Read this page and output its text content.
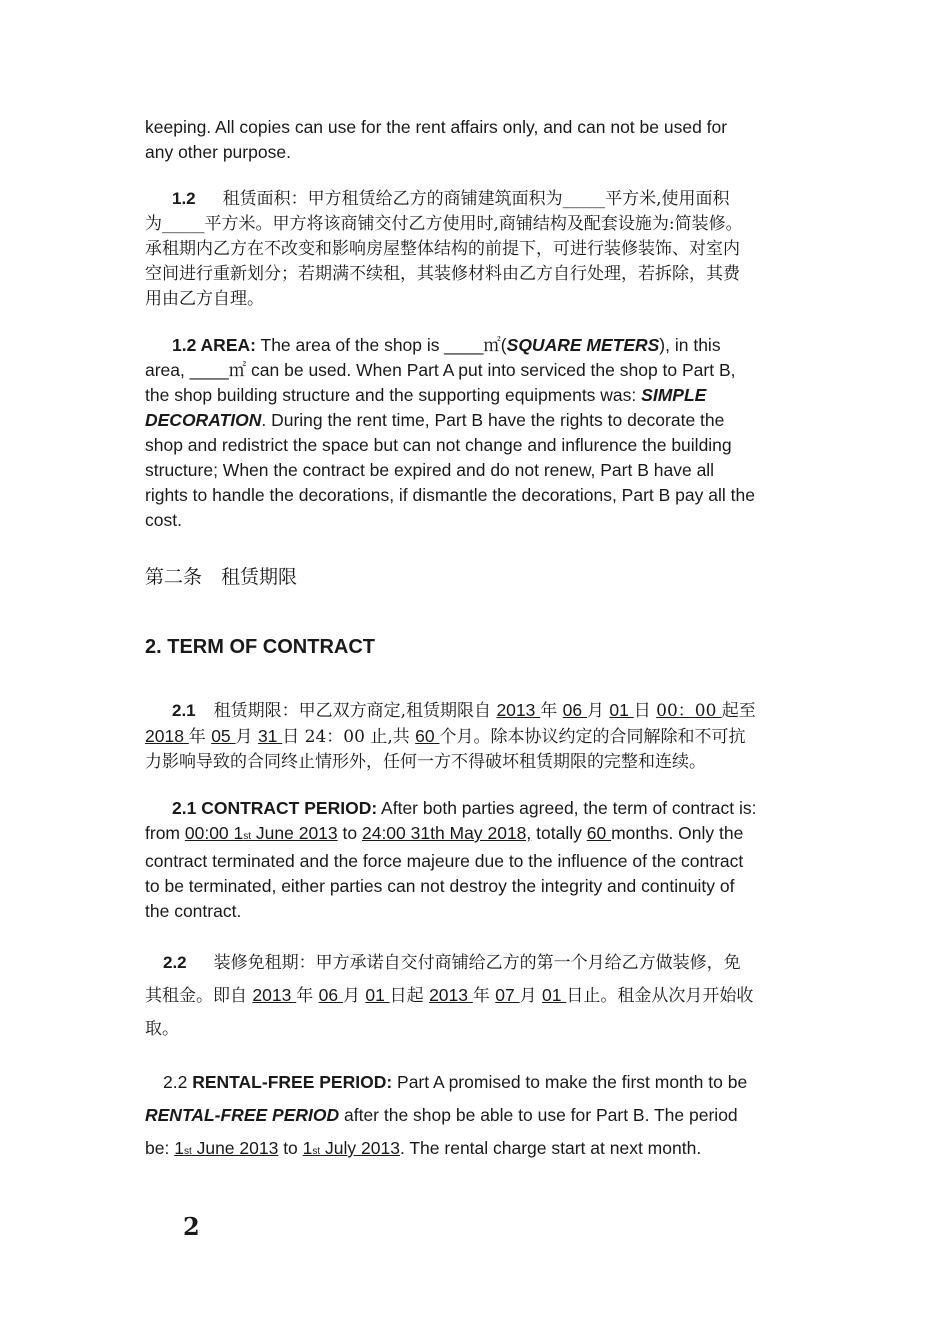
keeping. All copies can use for the rent affairs only, and can not be used for
any other purpose.
1.2 租赁面积：甲方租赁给乙方的商铺建筑面积为_____平方米,使用面积
为_____平方米。甲方将该商铺交付乙方使用时,商铺结构及配套设施为:简装修。
承租期内乙方在不改变和影响房屋整体结构的前提下，可进行装修装饰、对室内
空间进行重新划分；若期满不续租，其装修材料由乙方自行处理，若拆除，其费
用由乙方自理。
1.2 AREA: The area of the shop is ____㎡(SQUARE METERS), in this
area, ____㎡ can be used. When Part A put into serviced the shop to Part B,
the shop building structure and the supporting equipments was: SIMPLE
DECORATION. During the rent time, Part B have the rights to decorate the
shop and redistrict the space but can not change and influrence the building
structure; When the contract be expired and do not renew, Part B have all
rights to handle the decorations, if dismantle the decorations, Part B pay all the
cost.
第二条　租赁期限
2. TERM OF CONTRACT
2.1 租赁期限：甲乙双方商定,租赁期限自 2013 年 06 月 01 日 00：00 起至
2018 年 05 月 31 日 24：00 止,共 60 个月。除本协议约定的合同解除和不可抗
力影响导致的合同终止情形外，任何一方不得破坏租赁期限的完整和连续。
2.1 CONTRACT PERIOD: After both parties agreed, the term of contract is:
from 00:00 1st June 2013 to 24:00 31th May 2018, totally 60 months. Only the
contract terminated and the force majeure due to the influence of the contract
to be terminated, either parties can not destroy the integrity and continuity of
the contract.
2.2 装修免租期：甲方承诺自交付商铺给乙方的第一个月给乙方做装修，免
其租金。即自 2013 年 06 月 01 日起 2013 年 07 月 01 日止。租金从次月开始收
取。
2.2 RENTAL-FREE PERIOD: Part A promised to make the first month to be
RENTAL-FREE PERIOD after the shop be able to use for Part B. The period
be: 1st June 2013 to 1st July 2013. The rental charge start at next month.
2
